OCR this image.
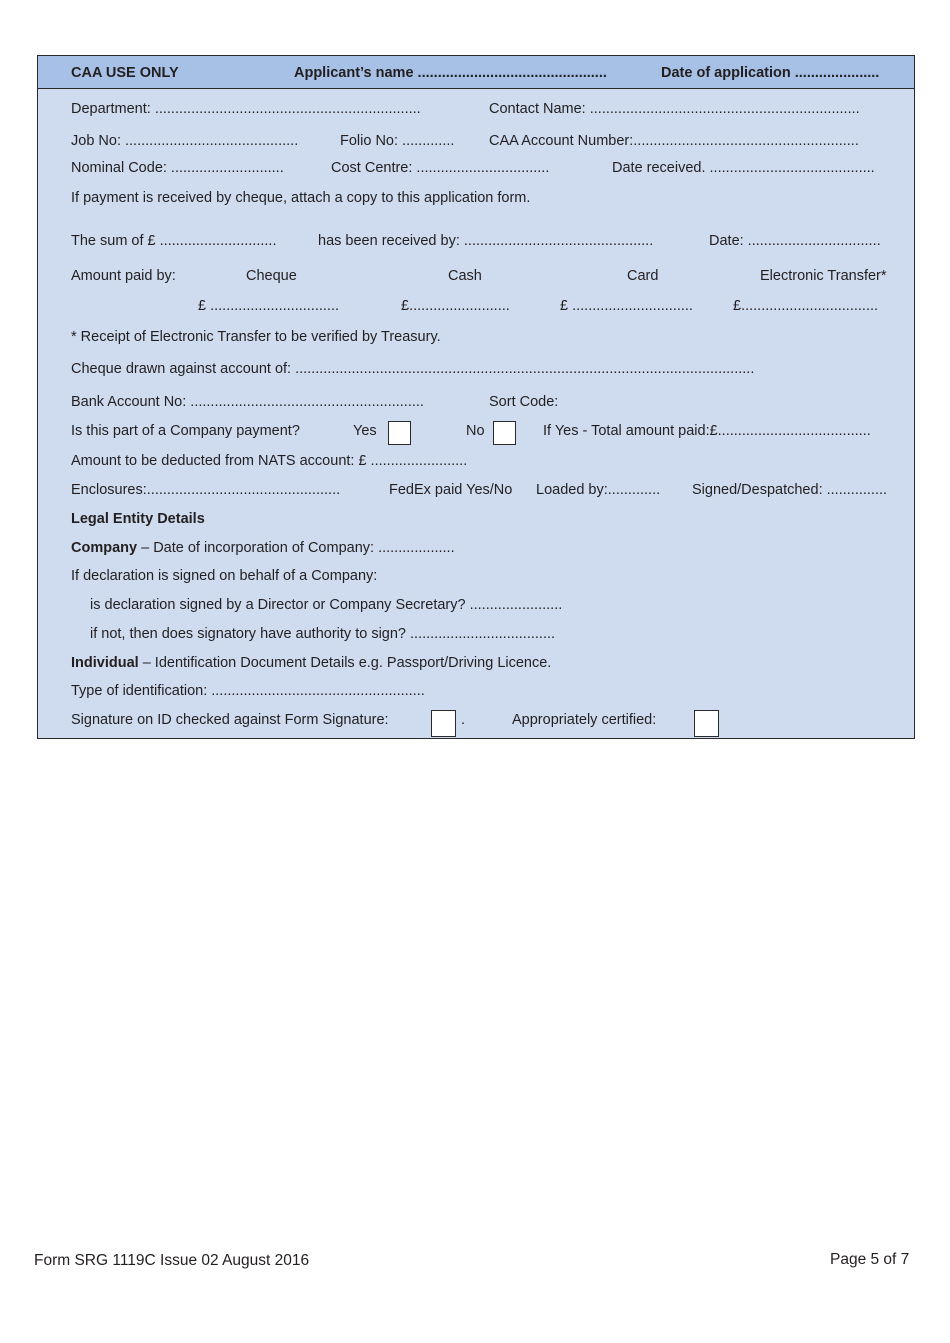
CAA USE ONLY	Applicant’s name ...............................................	Date of application .....................
Department: ..................................................................	Contact Name: ...................................................................
Job No: ...........................................	Folio No: ............. CAA Account Number:........................................................
Nominal Code: ............................	Cost Centre: .................................	Date received. .........................................
If payment is received by cheque, attach a copy to this application form.
The sum of £ .............................	has been received by: ...............................................	Date: .................................
Amount paid by:	Cheque	Cash	Card	Electronic Transfer*
£ ................................	£.........................	£ ..............................	£..................................
* Receipt of Electronic Transfer to be verified by Treasury.
Cheque drawn against account of: ..................................................................................................................
Bank Account No: ..........................................................	Sort Code:
Is this part of a Company payment?	Yes	No	If Yes - Total amount paid:£......................................
Amount to be deducted from NATS account: £ ........................
Enclosures:................................................	FedEx paid Yes/No Loaded by:............. Signed/Despatched: ...............
Legal Entity Details
Company – Date of incorporation of Company: ...................
If declaration is signed on behalf of a Company:
is declaration signed by a Director or Company Secretary? .......................
if not, then does signatory have authority to sign? ....................................
Individual – Identification Document Details e.g. Passport/Driving Licence.
Type of identification: .....................................................
Signature on ID checked against Form Signature:	.	Appropriately certified:
Form SRG 1119C Issue 02 August 2016	Page 5 of 7
